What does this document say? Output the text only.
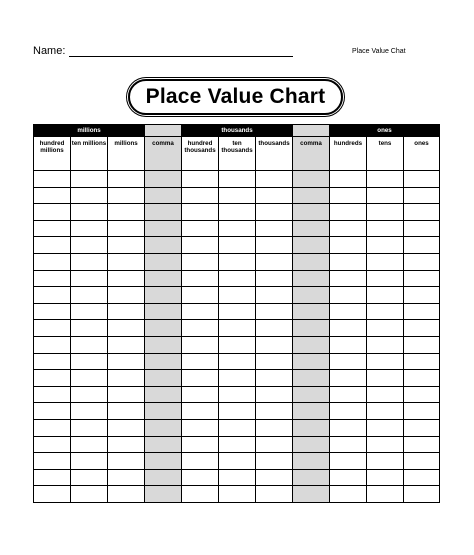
Name:	Place Value Chat
Place Value Chart
millions				thousands				ones		
hundred millions	ten millions	millions	comma	hundred thousands	ten thousands	thousands	comma	hundreds	tens	ones
